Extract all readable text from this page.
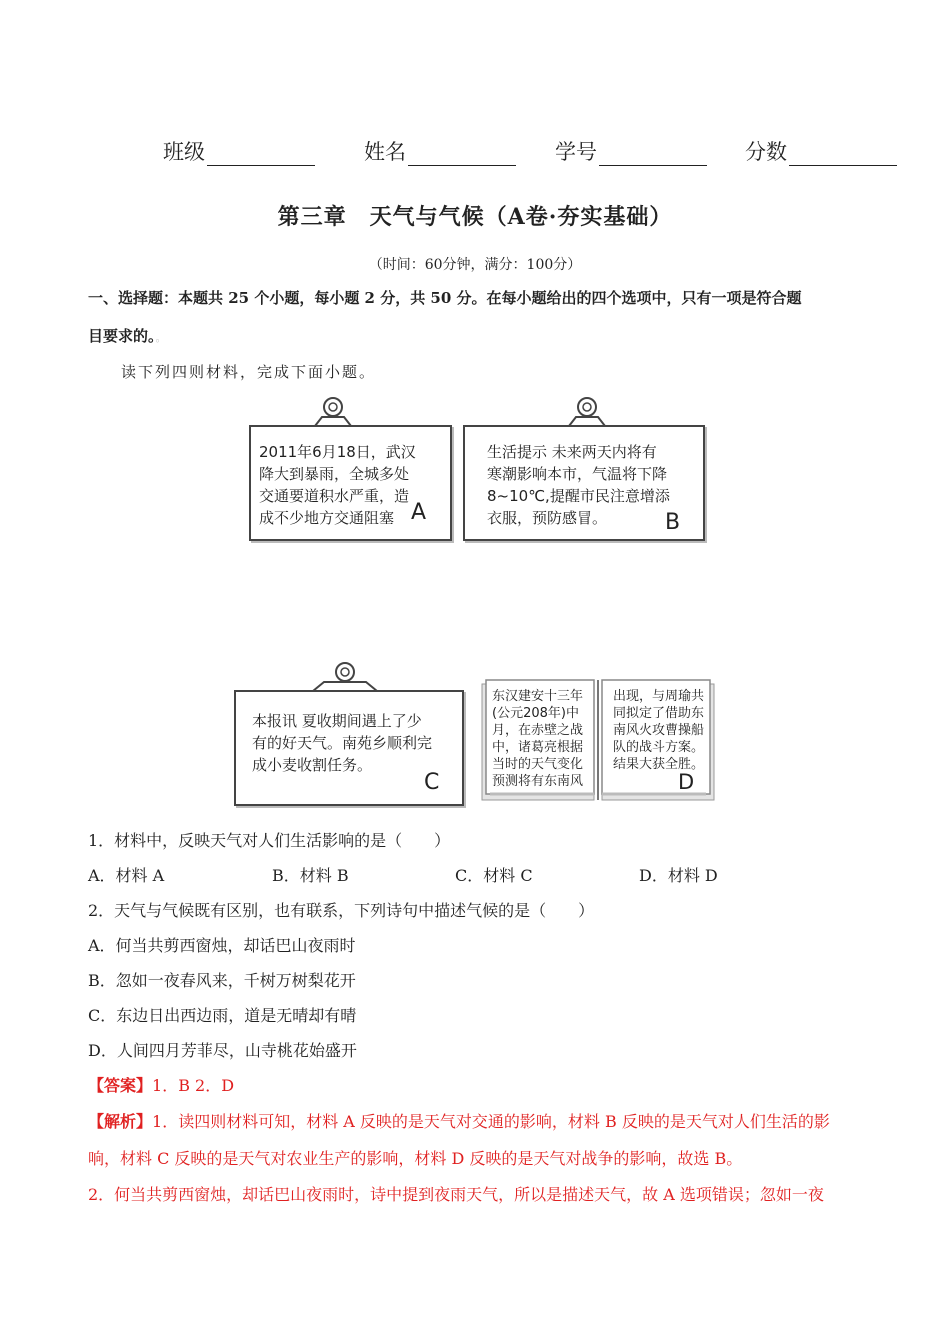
班级	姓名	学号	分数
第三章　天气与气候（A卷·夯实基础）
（时间：60分钟，满分：100分）
一、选择题：本题共 25 个小题，每小题 2 分，共 50 分。在每小题给出的四个选项中，只有一项是符合题
目要求的。。
读下列四则材料，完成下面小题。
2011年6月18日，武汉
降大到暴雨，全城多处
交通要道积水严重，造
成不少地方交通阻塞 A
生活提示 未来两天内将有
寒潮影响本市，气温将下降
8~10℃,提醒市民注意增添
衣服，预防感冒。	B
本报讯 夏收期间遇上了少
有的好天气。南苑乡顺利完
成小麦收割任务。
C
东汉建安十三年
(公元208年)中
月，在赤壁之战
中，诸葛亮根据
当时的天气变化
预测将有东南风
出现，与周瑜共
同拟定了借助东
南风火攻曹操船
队的战斗方案。
结果大获全胜。
D
1．材料中，反映天气对人们生活影响的是（　　）
A．材料 A	B．材料 B	C．材料 C	D．材料 D
2．天气与气候既有区别，也有联系，下列诗句中描述气候的是（　　）
A．何当共剪西窗烛，却话巴山夜雨时
B．忽如一夜春风来，千树万树梨花开
C．东边日出西边雨，道是无晴却有晴
D．人间四月芳菲尽，山寺桃花始盛开
【答案】1．B 2．D
【解析】1．读四则材料可知，材料 A 反映的是天气对交通的影响，材料 B 反映的是天气对人们生活的影
响，材料 C 反映的是天气对农业生产的影响，材料 D 反映的是天气对战争的影响，故选 B。
2．何当共剪西窗烛，却话巴山夜雨时，诗中提到夜雨天气，所以是描述天气，故 A 选项错误；忽如一夜
